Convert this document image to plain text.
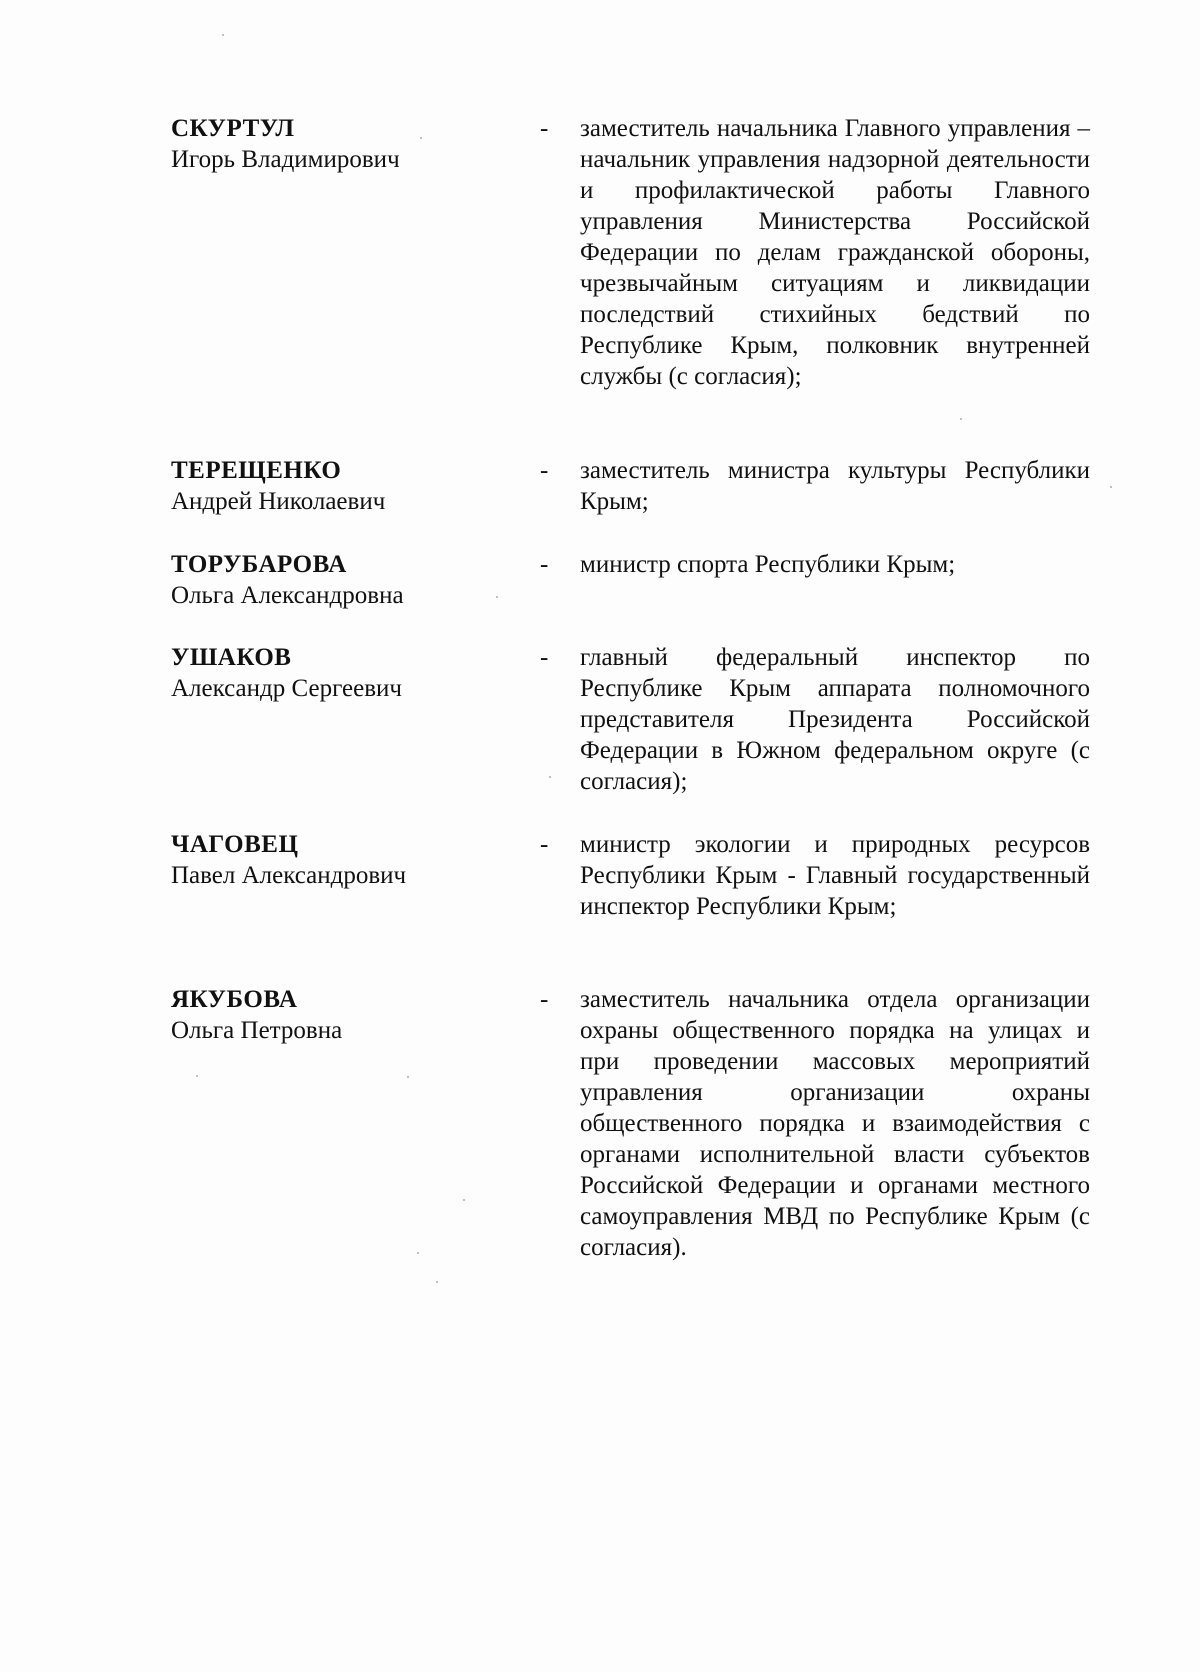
СКУРТУЛ
Игорь Владимирович
- заместитель начальника Главного управления – начальник управления надзорной деятельности и профилактической работы Главного управления Министерства Российской Федерации по делам гражданской обороны, чрезвычайным ситуациям и ликвидации последствий стихийных бедствий по Республике Крым, полковник внутренней службы (с согласия);
ТЕРЕЩЕНКО
Андрей Николаевич
- заместитель министра культуры Республики Крым;
ТОРУБАРОВА
Ольга Александровна
- министр спорта Республики Крым;
УШАКОВ
Александр Сергеевич
- главный федеральный инспектор по Республике Крым аппарата полномочного представителя Президента Российской Федерации в Южном федеральном округе (с согласия);
ЧАГОВЕЦ
Павел Александрович
- министр экологии и природных ресурсов Республики Крым - Главный государственный инспектор Республики Крым;
ЯКУБОВА
Ольга Петровна
- заместитель начальника отдела организации охраны общественного порядка на улицах и при проведении массовых мероприятий управления организации охраны общественного порядка и взаимодействия с органами исполнительной власти субъектов Российской Федерации и органами местного самоуправления МВД по Республике Крым (с согласия).
